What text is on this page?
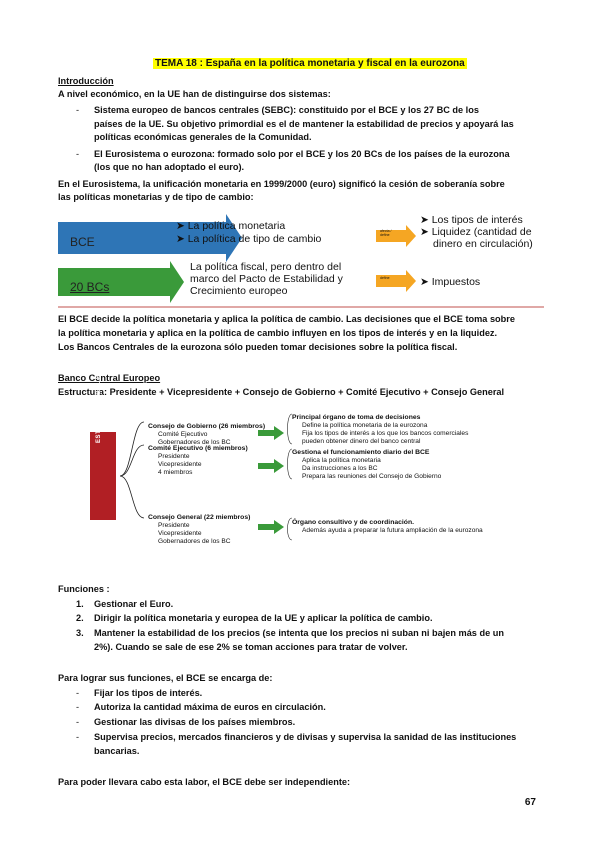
TEMA 18 : España en la política monetaria y fiscal en la eurozona
Introducción
A nivel económico, en la UE han de distinguirse dos sistemas:
- Sistema europeo de bancos centrales (SEBC): constituido por el BCE y los 27 BC de los
países de la UE. Su objetivo primordial es el de mantener la estabilidad de precios y apoyará las
políticas económicas generales de la Comunidad.
- El Eurosistema o eurozona: formado solo por el BCE y los 20 BCs de los países de la eurozona
(los que no han adoptado el euro).
En el Eurosistema, la unificación monetaria en 1999/2000 (euro) significó la cesión de soberanía sobre
las políticas monetarias y de tipo de cambio:
BCE
20 BCs
➤ La política monetaria
➤ La política de tipo de cambio
La política fiscal, pero dentro del
marco del Pacto de Estabilidad y
Crecimiento europeo
afecta / define
define
➤ Los tipos de interés
➤ Liquidez (cantidad de
dinero en circulación)
➤ Impuestos
El BCE decide la política monetaria y aplica la política de cambio. Las decisiones que el BCE toma sobre
la política monetaria y aplica en la política de cambio influyen en los tipos de interés y en la liquidez.
Los Bancos Centrales de la eurozona sólo pueden tomar decisiones sobre la política fiscal.
Banco Central Europeo
Estructura: Presidente + Vicepresidente + Consejo de Gobierno + Comité Ejecutivo + Consejo General
ESTRUCTURA DEL BCE	Consejo de Gobierno (26 miembros)
Comité Ejecutivo
Gobernadores de los BC
Comité Ejecutivo (6 miembros)
Presidente
Vicepresidente
4 miembros
Consejo General (22 miembros)
Presidente
Vicepresidente
Gobernadores de los BC
Principal órgano de toma de decisiones
Define la política monetaria de la eurozona
Fija los tipos de interés a los que los bancos comerciales
pueden obtener dinero del banco central
Gestiona el funcionamiento diario del BCE
Aplica la política monetaria
Da instrucciones a los BC
Prepara las reuniones del Consejo de Gobierno
Órgano consultivo y de coordinación.
Además ayuda a preparar la futura ampliación de la eurozona
Funciones :
1. Gestionar el Euro.
2. Dirigir la política monetaria y europea de la UE y aplicar la política de cambio.
3. Mantener la estabilidad de los precios (se intenta que los precios ni suban ni bajen más de un
2%). Cuando se sale de ese 2% se toman acciones para tratar de volver.
Para lograr sus funciones, el BCE se encarga de:
- Fijar los tipos de interés.
- Autoriza la cantidad máxima de euros en circulación.
- Gestionar las divisas de los países miembros.
- Supervisa precios, mercados financieros y de divisas y supervisa la sanidad de las instituciones
bancarias.
Para poder llevara cabo esta labor, el BCE debe ser independiente:
67
